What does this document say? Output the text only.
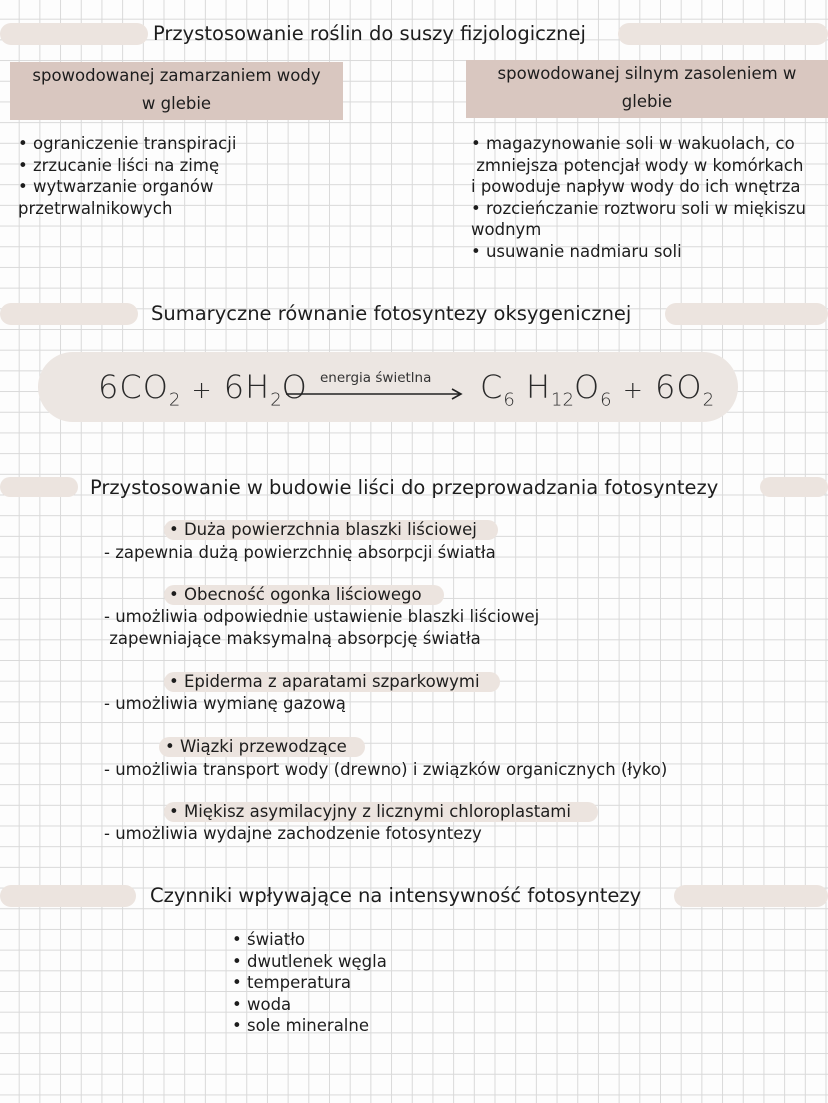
Przystosowanie roślin do suszy fizjologicznej
spowodowanej zamarzaniem wody
w glebie
spowodowanej silnym zasoleniem w
glebie
• ograniczenie transpiracji
• zrzucanie liści na zimę
• wytwarzanie organów
przetrwalnikowych
• magazynowanie soli w wakuolach, co
zmniejsza potencjał wody w komórkach
i powoduje napływ wody do ich wnętrza
• rozcieńczanie roztworu soli w miękiszu
wodnym
• usuwanie nadmiaru soli
Sumaryczne równanie fotosyntezy oksygenicznej
$6CO_2 + 6H_2O$ energia świetlna $C_6$ $H_{12}O_6 + 6O_2$
Przystosowanie w budowie liści do przeprowadzania fotosyntezy
• Duża powierzchnia blaszki liściowej
- zapewnia dużą powierzchnię absorpcji światła
• Obecność ogonka liściowego
- umożliwia odpowiednie ustawienie blaszki liściowej
zapewniające maksymalną absorpcję światła
• Epiderma z aparatami szparkowymi
- umożliwia wymianę gazową
• Wiązki przewodzące
- umożliwia transport wody (drewno) i związków organicznych (łyko)
• Miękisz asymilacyjny z licznymi chloroplastami
- umożliwia wydajne zachodzenie fotosyntezy
Czynniki wpływające na intensywność fotosyntezy
• światło
• dwutlenek węgla
• temperatura
• woda
• sole mineralne
